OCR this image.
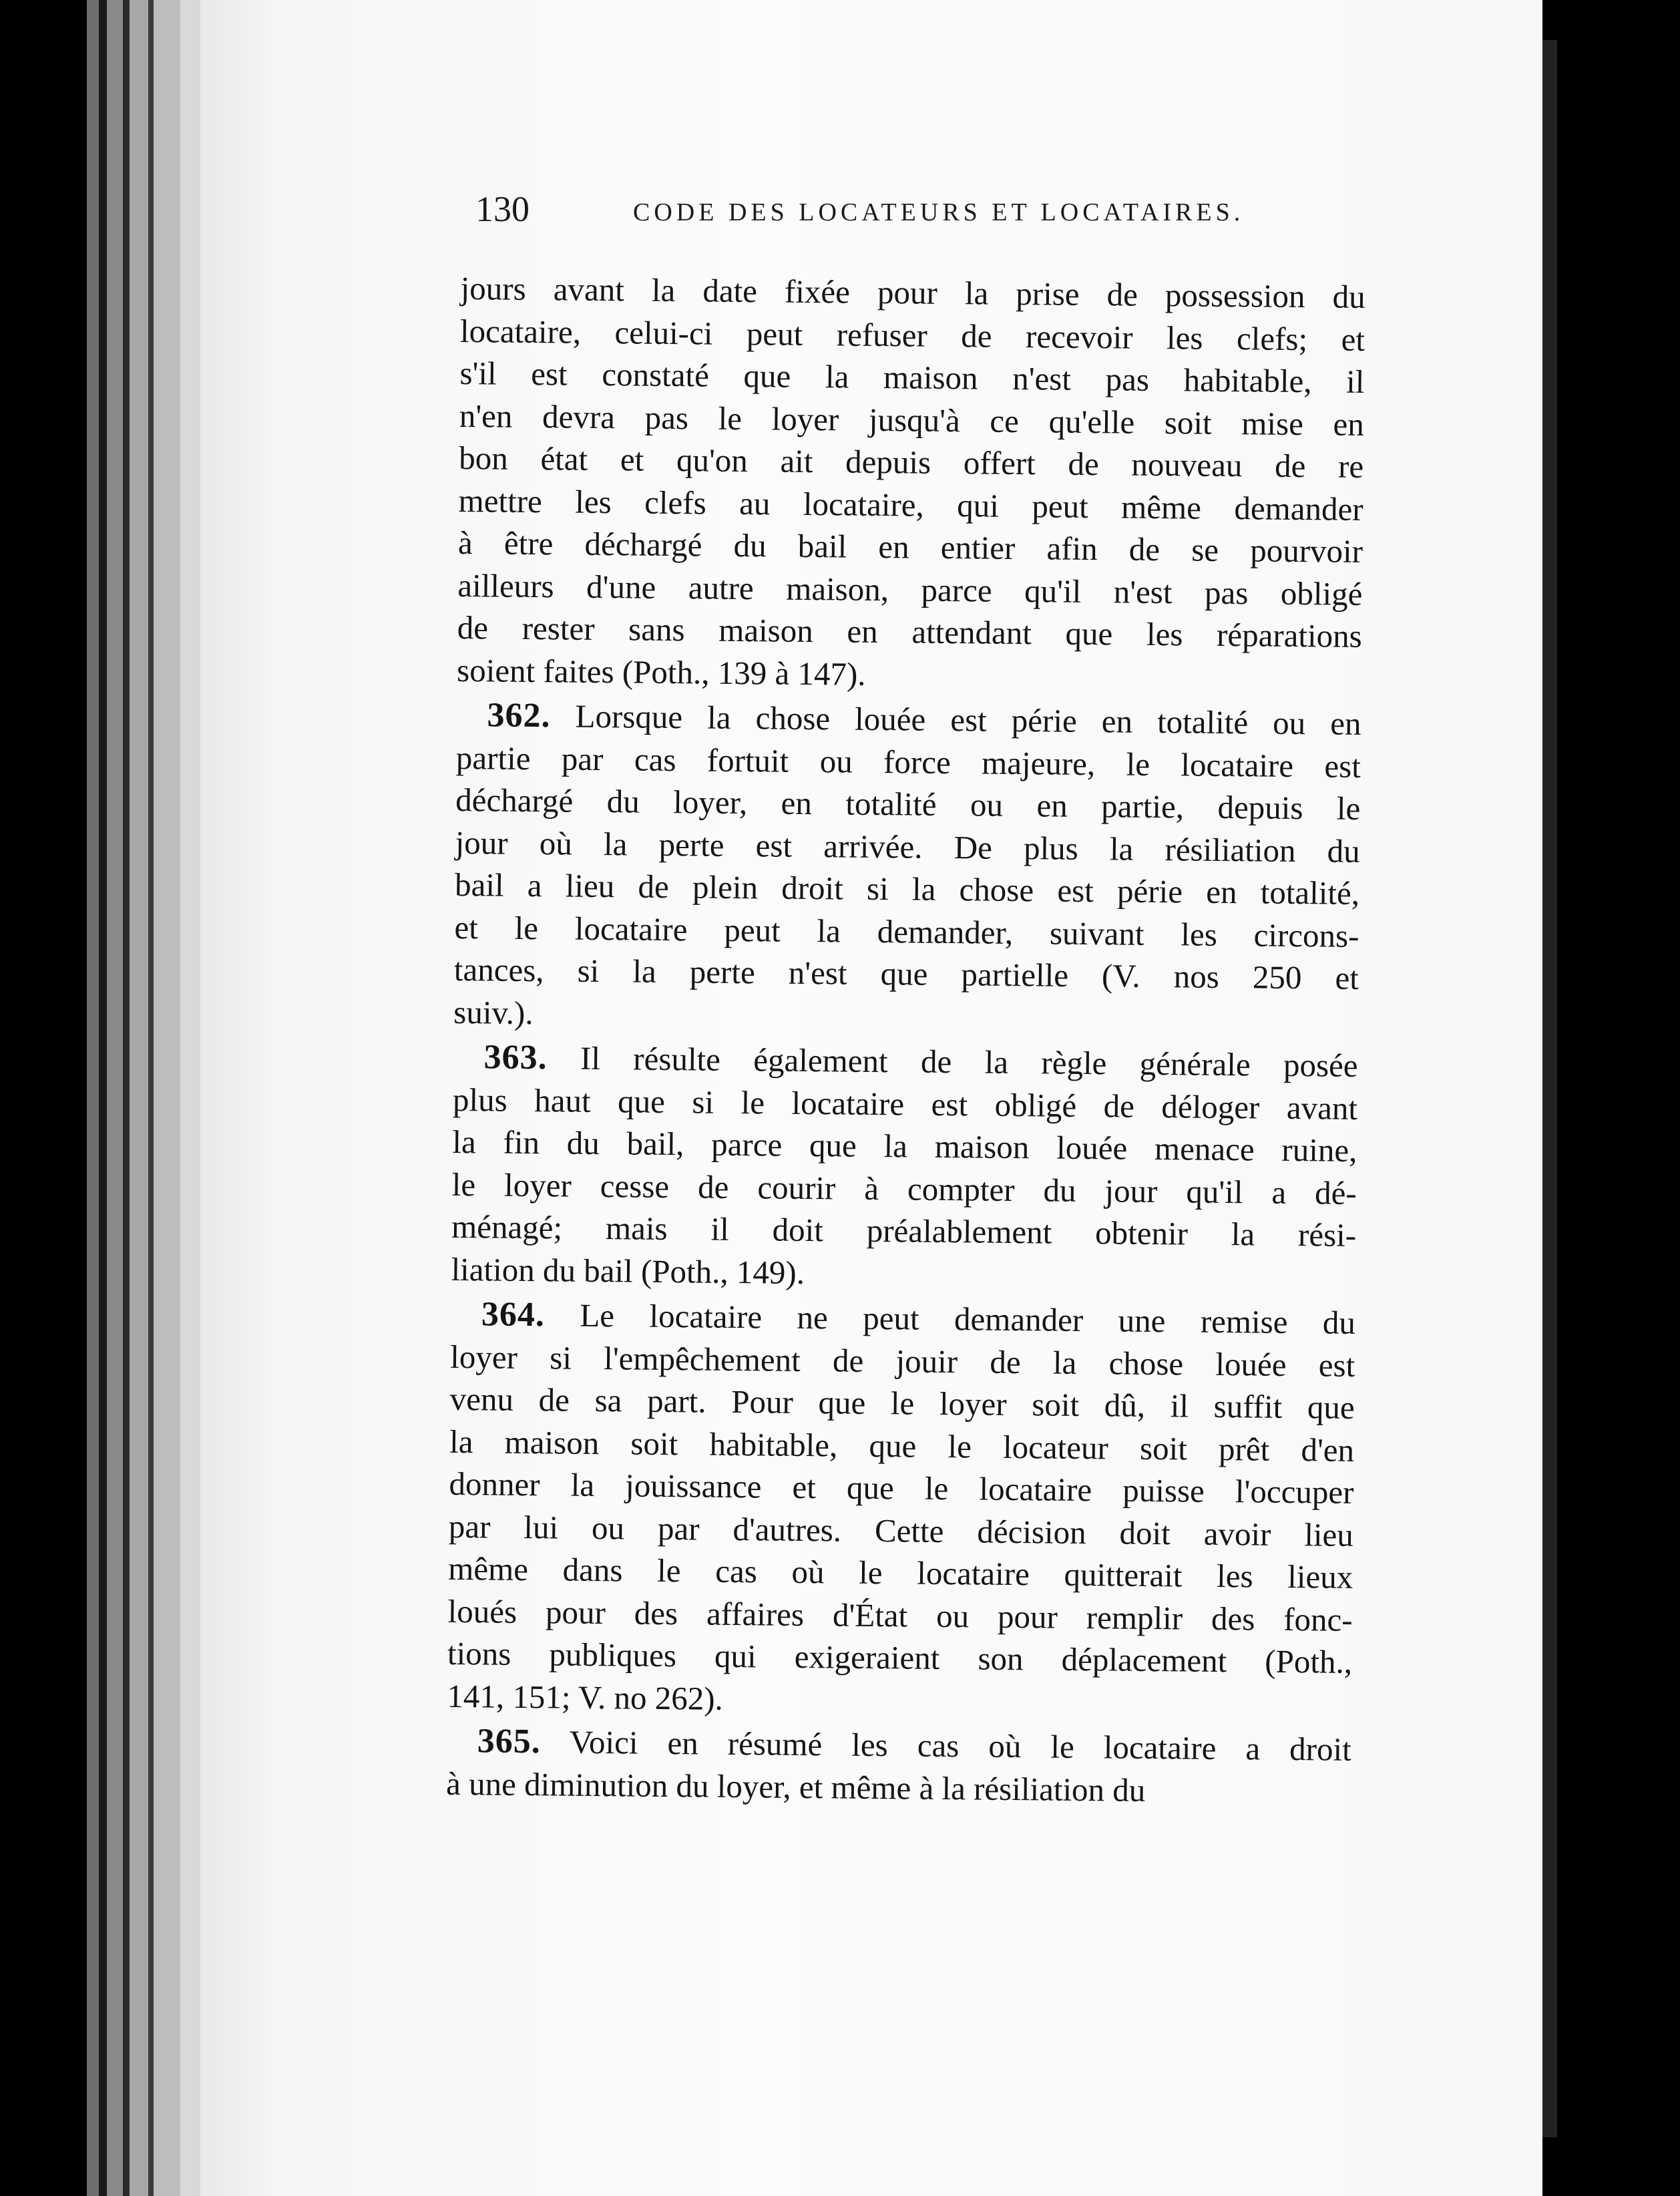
130	CODE DES LOCATEURS ET LOCATAIRES.
jours avant la date fixée pour la prise de possession du
locataire, celui-ci peut refuser de recevoir les clefs; et
s'il est constaté que la maison n'est pas habitable, il
n'en devra pas le loyer jusqu'à ce qu'elle soit mise en
bon état et qu'on ait depuis offert de nouveau de re
mettre les clefs au locataire, qui peut même demander
à être déchargé du bail en entier afin de se pourvoir
ailleurs d'une autre maison, parce qu'il n'est pas obligé
de rester sans maison en attendant que les réparations
soient faites (Poth., 139 à 147).
362. Lorsque la chose louée est périe en totalité ou en
partie par cas fortuit ou force majeure, le locataire est
déchargé du loyer, en totalité ou en partie, depuis le
jour où la perte est arrivée. De plus la résiliation du
bail a lieu de plein droit si la chose est périe en totalité,
et le locataire peut la demander, suivant les circons-
tances, si la perte n'est que partielle (V. nos 250 et
suiv.).
363. Il résulte également de la règle générale posée
plus haut que si le locataire est obligé de déloger avant
la fin du bail, parce que la maison louée menace ruine,
le loyer cesse de courir à compter du jour qu'il a dé-
ménagé; mais il doit préalablement obtenir la rési-
liation du bail (Poth., 149).
364. Le locataire ne peut demander une remise du
loyer si l'empêchement de jouir de la chose louée est
venu de sa part. Pour que le loyer soit dû, il suffit que
la maison soit habitable, que le locateur soit prêt d'en
donner la jouissance et que le locataire puisse l'occuper
par lui ou par d'autres. Cette décision doit avoir lieu
même dans le cas où le locataire quitterait les lieux
loués pour des affaires d'État ou pour remplir des fonc-
tions publiques qui exigeraient son déplacement (Poth.,
141, 151; V. no 262).
365. Voici en résumé les cas où le locataire a droit
à une diminution du loyer, et même à la résiliation du
